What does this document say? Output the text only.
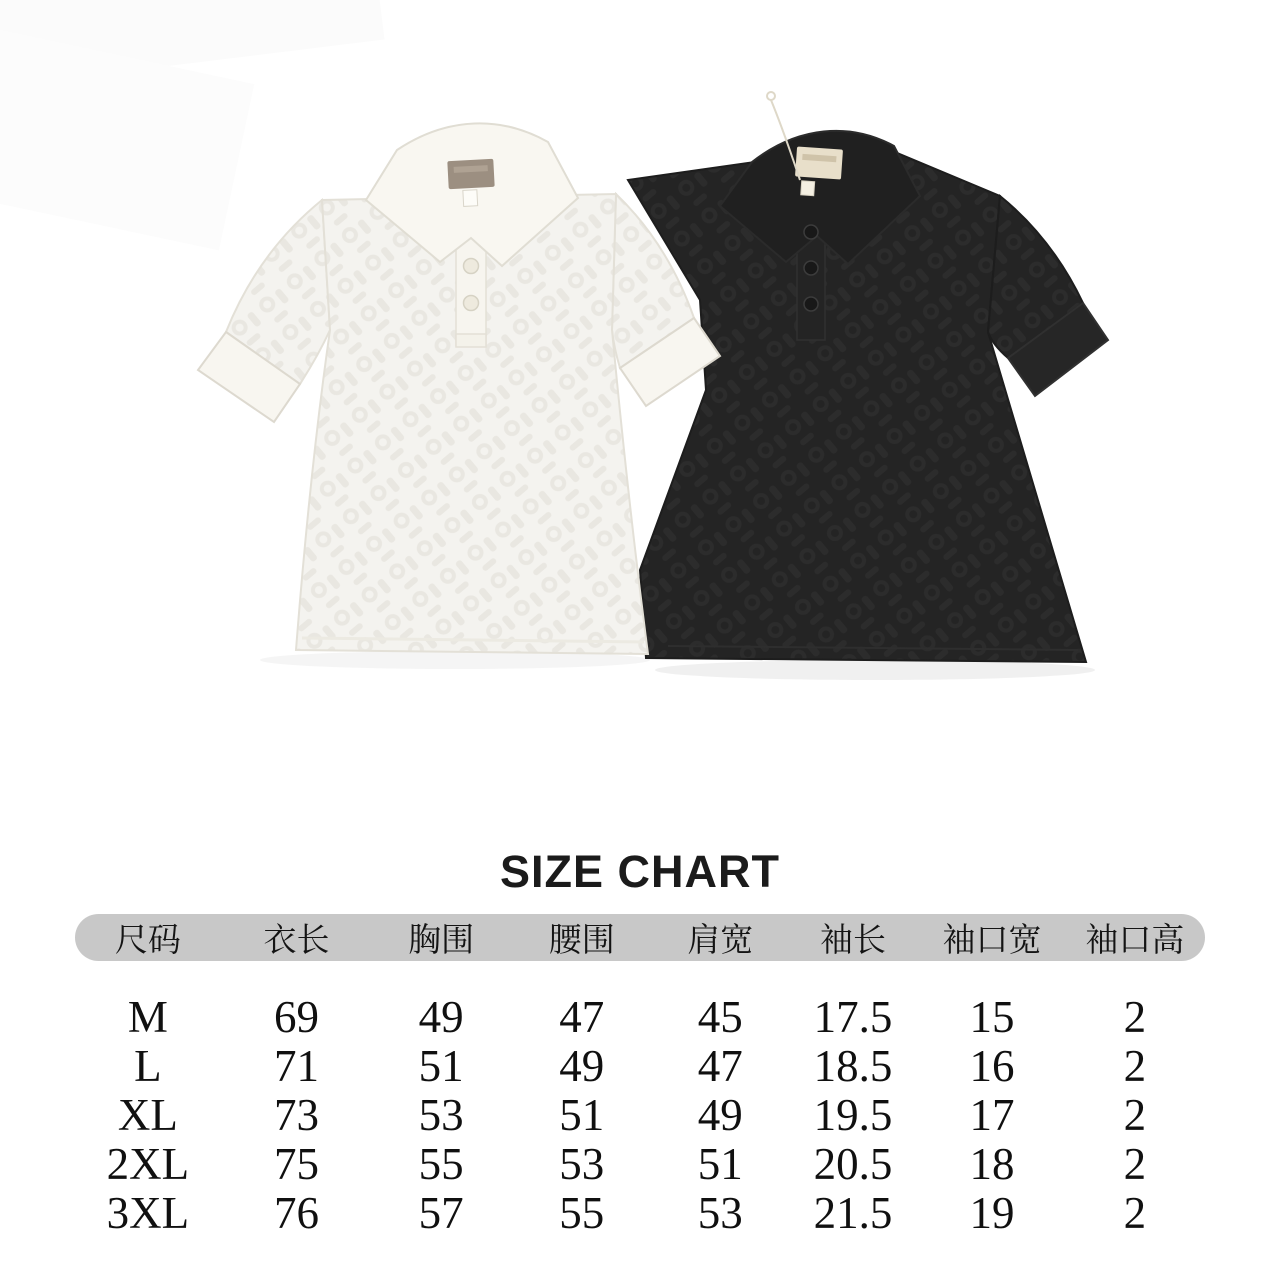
SIZE CHART
尺码	衣长	胸围	腰围	肩宽	袖长	袖口宽	袖口高
M	69	49	47	45	17.5	15	2
L	71	51	49	47	18.5	16	2
XL	73	53	51	49	19.5	17	2
2XL	75	55	53	51	20.5	18	2
3XL	76	57	55	53	21.5	19	2
